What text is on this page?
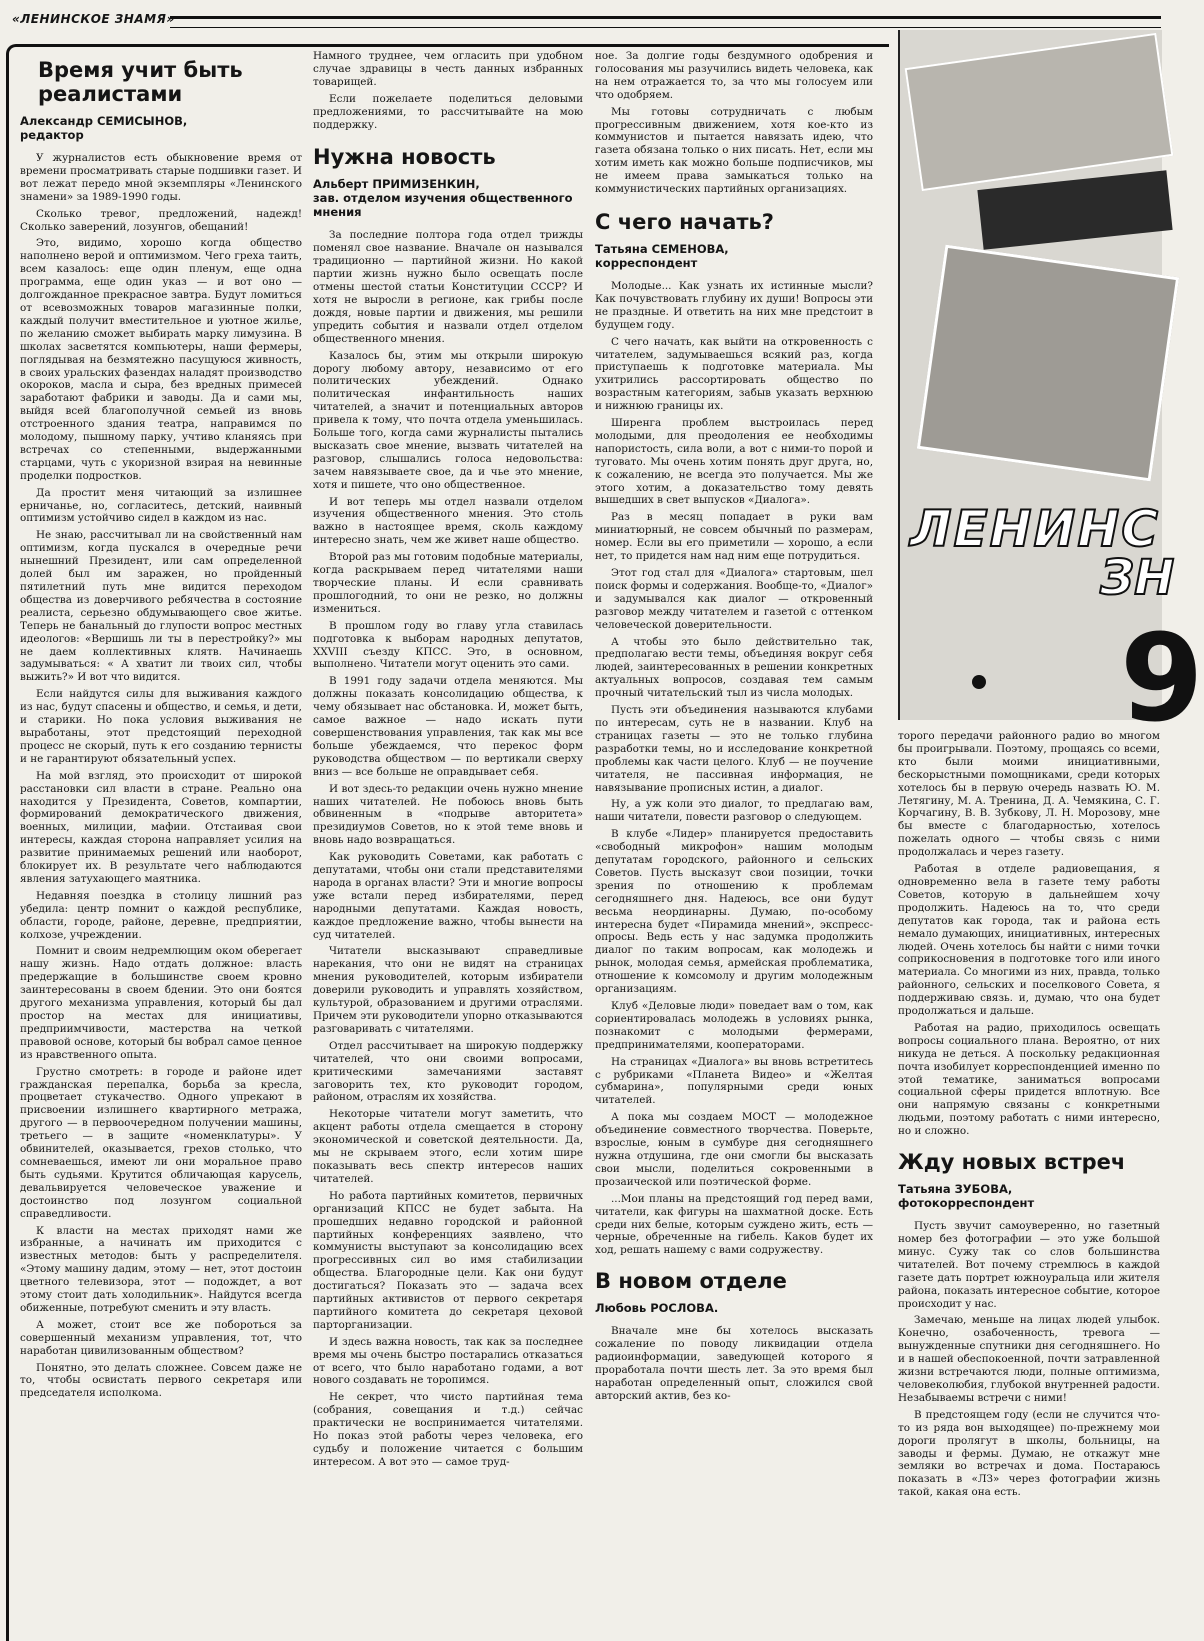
«ЛЕНИНСКОЕ ЗНАМЯ»
Время учит быть реалистами
Александр СЕМИСЫНОВ,
редактор

У журналистов есть обыкновение время от времени просматривать старые подшивки газет. И вот лежат передо мной экземпляры «Ленинского знамени» за 1989-1990 годы.

Сколько тревог, предложений, надежд! Сколько заверений, лозунгов, обещаний!

Это, видимо, хорошо когда общество наполнено верой и оптимизмом. Чего греха таить, всем казалось: еще один пленум, еще одна программа, еще один указ — и вот оно — долгожданное прекрасное завтра. Будут ломиться от всевозможных товаров магазинные полки, каждый получит вместительное и уютное жилье, по желанию сможет выбирать марку лимузина. В школах засветятся компьютеры, наши фермеры, поглядывая на безмятежно пасущуюся живность, в своих уральских фазендах наладят производство окороков, масла и сыра, без вредных примесей заработают фабрики и заводы. Да и сами мы, выйдя всей благополучной семьей из вновь отстроенного здания театра, направимся по молодому, пышному парку, учтиво кланяясь при встречах со степенными, выдержанными старцами, чуть с укоризной взирая на невинные проделки подростков.

Да простит меня читающий за излишнее ерничанье, но, согласитесь, детский, наивный оптимизм устойчиво сидел в каждом из нас.

Не знаю, рассчитывал ли на свойственный нам оптимизм, когда пускался в очередные речи нынешний Президент, или сам определенной долей был им заражен, но пройденный пятилетний путь мне видится переходом общества из доверчивого ребячества в состояние реалиста, серьезно обдумывающего свое житье. Теперь не банальный до глупости вопрос местных идеологов: «Вершишь ли ты в перестройку?» мы не даем коллективных клятв. Начинаешь задумываться: « А хватит ли твоих сил, чтобы выжить?» И вот что видится.

Если найдутся силы для выживания каждого из нас, будут спасены и общество, и семья, и дети, и старики. Но пока условия выживания не выработаны, этот предстоящий переходной процесс не скорый, путь к его созданию тернисты и не гарантируют обязательный успех.

На мой взгляд, это происходит от широкой расстановки сил власти в стране. Реально она находится у Президента, Советов, компартии, формирований демократического движения, военных, милиции, мафии. Отстаивая свои интересы, каждая сторона направляет усилия на развитие принимаемых решений или наоборот, блокирует их. В результате чего наблюдаются явления затухающего маятника.

Недавняя поездка в столицу лишний раз убедила: центр помнит о каждой республике, области, городе, районе, деревне, предприятии, колхозе, учреждении.

Помнит и своим недремлющим оком оберегает нашу жизнь. Надо отдать должное: власть предержащие в большинстве своем кровно заинтересованы в своем бдении. Это они боятся другого механизма управления, который бы дал простор на местах для инициативы, предприимчивости, мастерства на четкой правовой основе, который бы вобрал самое ценное из нравственного опыта.

Грустно смотреть: в городе и районе идет гражданская перепалка, борьба за кресла, процветает стукачество. Одного упрекают в присвоении излишнего квартирного метража, другого — в первоочередном получении машины, третьего — в защите «номенклатуры». У обвинителей, оказывается, грехов столько, что сомневаешься, имеют ли они моральное право быть судьями. Крутится обличающая карусель, девальвируется человеческое уважение и достоинство под лозунгом социальной справедливости.

К власти на местах приходят нами же избранные, а начинать им приходится с известных методов: быть у распределителя. «Этому машину дадим, этому — нет, этот достоин цветного телевизора, этот — подождет, а вот этому стоит дать холодильник». Найдутся всегда обиженные, потребуют сменить и эту власть.

А может, стоит все же побороться за совершенный механизм управления, тот, что наработан цивилизованным обществом?

Понятно, это делать сложнее. Совсем даже не то, чтобы освистать первого секретаря или председателя исполкома.

Намного труднее, чем огласить при удобном случае здравицы в честь данных избранных товарищей.

Если пожелаете поделиться деловыми предложениями, то рассчитывайте на мою поддержку.

Нужна новость
Альберт ПРИМИЗЕНКИН,
зав. отделом изучения общественного мнения

За последние полтора года отдел трижды поменял свое название. Вначале он назывался традиционно — партийной жизни. Но какой партии жизнь нужно было освещать после отмены шестой статьи Конституции СССР? И хотя не выросли в регионе, как грибы после дождя, новые партии и движения, мы решили упредить события и назвали отдел отделом общественного мнения.

Казалось бы, этим мы открыли широкую дорогу любому автору, независимо от его политических убеждений. Однако политическая инфантильность наших читателей, а значит и потенциальных авторов привела к тому, что почта отдела уменьшилась. Больше того, когда сами журналисты пытались высказать свое мнение, вызвать читателей на разговор, слышались голоса недовольства: зачем навязываете свое, да и чье это мнение, хотя и пишете, что оно общественное.

И вот теперь мы отдел назвали отделом изучения общественного мнения. Это столь важно в настоящее время, сколь каждому интересно знать, чем же живет наше общество.

Второй раз мы готовим подобные материалы, когда раскрываем перед читателями наши творческие планы. И если сравнивать прошлогодний, то они не резко, но должны измениться.

В прошлом году во главу угла ставилась подготовка к выборам народных депутатов, XXVIII съезду КПСС. Это, в основном, выполнено. Читатели могут оценить это сами.

В 1991 году задачи отдела меняются. Мы должны показать консолидацию общества, к чему обязывает нас обстановка. И, может быть, самое важное — надо искать пути совершенствования управления, так как мы все больше убеждаемся, что перекос форм руководства обществом — по вертикали сверху вниз — все больше не оправдывает себя.

И вот здесь-то редакции очень нужно мнение наших читателей. Не побоюсь вновь быть обвиненным в «подрыве авторитета» президиумов Советов, но к этой теме вновь и вновь надо возвращаться.

Как руководить Советами, как работать с депутатами, чтобы они стали представителями народа в органах власти? Эти и многие вопросы уже встали перед избирателями, перед народными депутатами. Каждая новость, каждое предложение важно, чтобы вынести на суд читателей.

Читатели высказывают справедливые нарекания, что они не видят на страницах мнения руководителей, которым избиратели доверили руководить и управлять хозяйством, культурой, образованием и другими отраслями. Причем эти руководители упорно отказываются разговаривать с читателями.

Отдел рассчитывает на широкую поддержку читателей, что они своими вопросами, критическими замечаниями заставят заговорить тех, кто руководит городом, районом, отраслям их хозяйства.

Некоторые читатели могут заметить, что акцент работы отдела смещается в сторону экономической и советской деятельности. Да, мы не скрываем этого, если хотим шире показывать весь спектр интересов наших читателей.

Но работа партийных комитетов, первичных организаций КПСС не будет забыта. На прошедших недавно городской и районной партийных конференциях заявлено, что коммунисты выступают за консолидацию всех прогрессивных сил во имя стабилизации общества. Благородные цели. Как они будут достигаться? Показать это — задача всех партийных активистов от первого секретаря партийного комитета до секретаря цеховой парторганизации.

И здесь важна новость, так как за последнее время мы очень быстро постарались отказаться от всего, что было наработано годами, а вот нового создавать не торопимся.

Не секрет, что чисто партийная тема (собрания, совещания и т.д.) сейчас практически не воспринимается читателями. Но показ этой работы через человека, его судьбу и положение читается с большим интересом. А вот это — самое труд-

ное. За долгие годы бездумного одобрения и голосования мы разучились видеть человека, как на нем отражается то, за что мы голосуем или что одобряем.

Мы готовы сотрудничать с любым прогрессивным движением, хотя кое-кто из коммунистов и пытается навязать идею, что газета обязана только о них писать. Нет, если мы хотим иметь как можно больше подписчиков, мы не имеем права замыкаться только на коммунистических партийных организациях.

С чего начать?
Татьяна СЕМЕНОВА,
корреспондент

Молодые... Как узнать их истинные мысли? Как почувствовать глубину их души! Вопросы эти не праздные. И ответить на них мне предстоит в будущем году.

С чего начать, как выйти на откровенность с читателем, задумываешься всякий раз, когда приступаешь к подготовке материала. Мы ухитрились рассортировать общество по возрастным категориям, забыв указать верхнюю и нижнюю границы их.

Ширенга проблем выстроилась перед молодыми, для преодоления ее необходимы напористость, сила воли, а вот с ними-то порой и туговато. Мы очень хотим понять друг друга, но, к сожалению, не всегда это получается. Мы же этого хотим, а доказательство тому девять вышедших в свет выпусков «Диалога».

Раз в месяц попадает в руки вам миниатюрный, не совсем обычный по размерам, номер. Если вы его приметили — хорошо, а если нет, то придется нам над ним еще потрудиться.

Этот год стал для «Диалога» стартовым, шел поиск формы и содержания. Вообще-то, «Диалог» и задумывался как диалог — откровенный разговор между читателем и газетой с оттенком человеческой доверительности.

А чтобы это было действительно так, предполагаю вести темы, объединяя вокруг себя людей, заинтересованных в решении конкретных актуальных вопросов, создавая тем самым прочный читательский тыл из числа молодых.

Пусть эти объединения называются клубами по интересам, суть не в названии. Клуб на страницах газеты — это не только глубина разработки темы, но и исследование конкретной проблемы как части целого. Клуб — не поучение читателя, не пассивная информация, не навязывание прописных истин, а диалог.

Ну, а уж коли это диалог, то предлагаю вам, наши читатели, повести разговор о следующем.

В клубе «Лидер» планируется предоставить «свободный микрофон» нашим молодым депутатам городского, районного и сельских Советов. Пусть высказут свои позиции, точки зрения по отношению к проблемам сегодняшнего дня. Надеюсь, все они будут весьма неординарны. Думаю, по-особому интересна будет «Пирамида мнений», экспресс-опросы. Ведь есть у нас задумка продолжить диалог по таким вопросам, как молодежь и рынок, молодая семья, армейская проблематика, отношение к комсомолу и другим молодежным организациям.

Клуб «Деловые люди» поведает вам о том, как сориентировалась молодежь в условиях рынка, познакомит с молодыми фермерами, предпринимателями, кооператорами.

На страницах «Диалога» вы вновь встретитесь с рубриками «Планета Видео» и «Желтая субмарина», популярными среди юных читателей.

А пока мы создаем МОСТ — молодежное объединение совместного творчества. Поверьте, взрослые, юным в сумбуре дня сегодняшнего нужна отдушина, где они смогли бы высказать свои мысли, поделиться сокровенными в прозаической или поэтической форме.

...Мои планы на предстоящий год перед вами, читатели, как фигуры на шахматной доске. Есть среди них белые, которым суждено жить, есть — черные, обреченные на гибель. Каков будет их ход, решать нашему с вами содружеству.

В новом отделе
Любовь РОСЛОВА.

Вначале мне бы хотелось высказать сожаление по поводу ликвидации отдела радиоинформации, заведующей которого я проработала почти шесть лет. За это время был наработан определенный опыт, сложился свой авторский актив, без ко-

ЛЕНИНС
ЗН
9

торого передачи районного радио во многом бы проигрывали. Поэтому, прощаясь со всеми, кто были моими инициативными, бескорыстными помощниками, среди которых хотелось бы в первую очередь назвать Ю. М. Летягину, М. А. Тренина, Д. А. Чемякина, С. Г. Корчагину, В. В. Зубкову, Л. Н. Морозову, мне бы вместе с благодарностью, хотелось пожелать одного — чтобы связь с ними продолжалась и через газету.

Работая в отделе радиовещания, я одновременно вела в газете тему работы Советов, которую в дальнейшем хочу продолжить. Надеюсь на то, что среди депутатов как города, так и района есть немало думающих, инициативных, интересных людей. Очень хотелось бы найти с ними точки соприкосновения в подготовке того или иного материала. Со многими из них, правда, только районного, сельских и поселкового Совета, я поддерживаю связь. и, думаю, что она будет продолжаться и дальше.

Работая на радио, приходилось освещать вопросы социального плана. Вероятно, от них никуда не деться. А поскольку редакционная почта изобилует корреспонденцией именно по этой тематике, заниматься вопросами социальной сферы придется вплотную. Все они напрямую связаны с конкретными людьми, поэтому работать с ними интересно, но и сложно.

Жду новых встреч
Татьяна ЗУБОВА,
фотокорреспондент

Пусть звучит самоуверенно, но газетный номер без фотографии — это уже большой минус. Сужу так со слов большинства читателей. Вот почему стремлюсь в каждой газете дать портрет южноуральца или жителя района, показать интересное событие, которое происходит у нас.

Замечаю, меньше на лицах людей улыбок. Конечно, озабоченность, тревога — вынужденные спутники дня сегодняшнего. Но и в нашей обеспокоенной, почти затравленной жизни встречаются люди, полные оптимизма, человеколюбия, глубокой внутренней радости. Незабываемы встречи с ними!

В предстоящем году (если не случится что-то из ряда вон выходящее) по-прежнему мои дороги пролягут в школы, больницы, на заводы и фермы. Думаю, не откажут мне земляки во встречах и дома. Постараюсь показать в «ЛЗ» через фотографии жизнь такой, какая она есть.
